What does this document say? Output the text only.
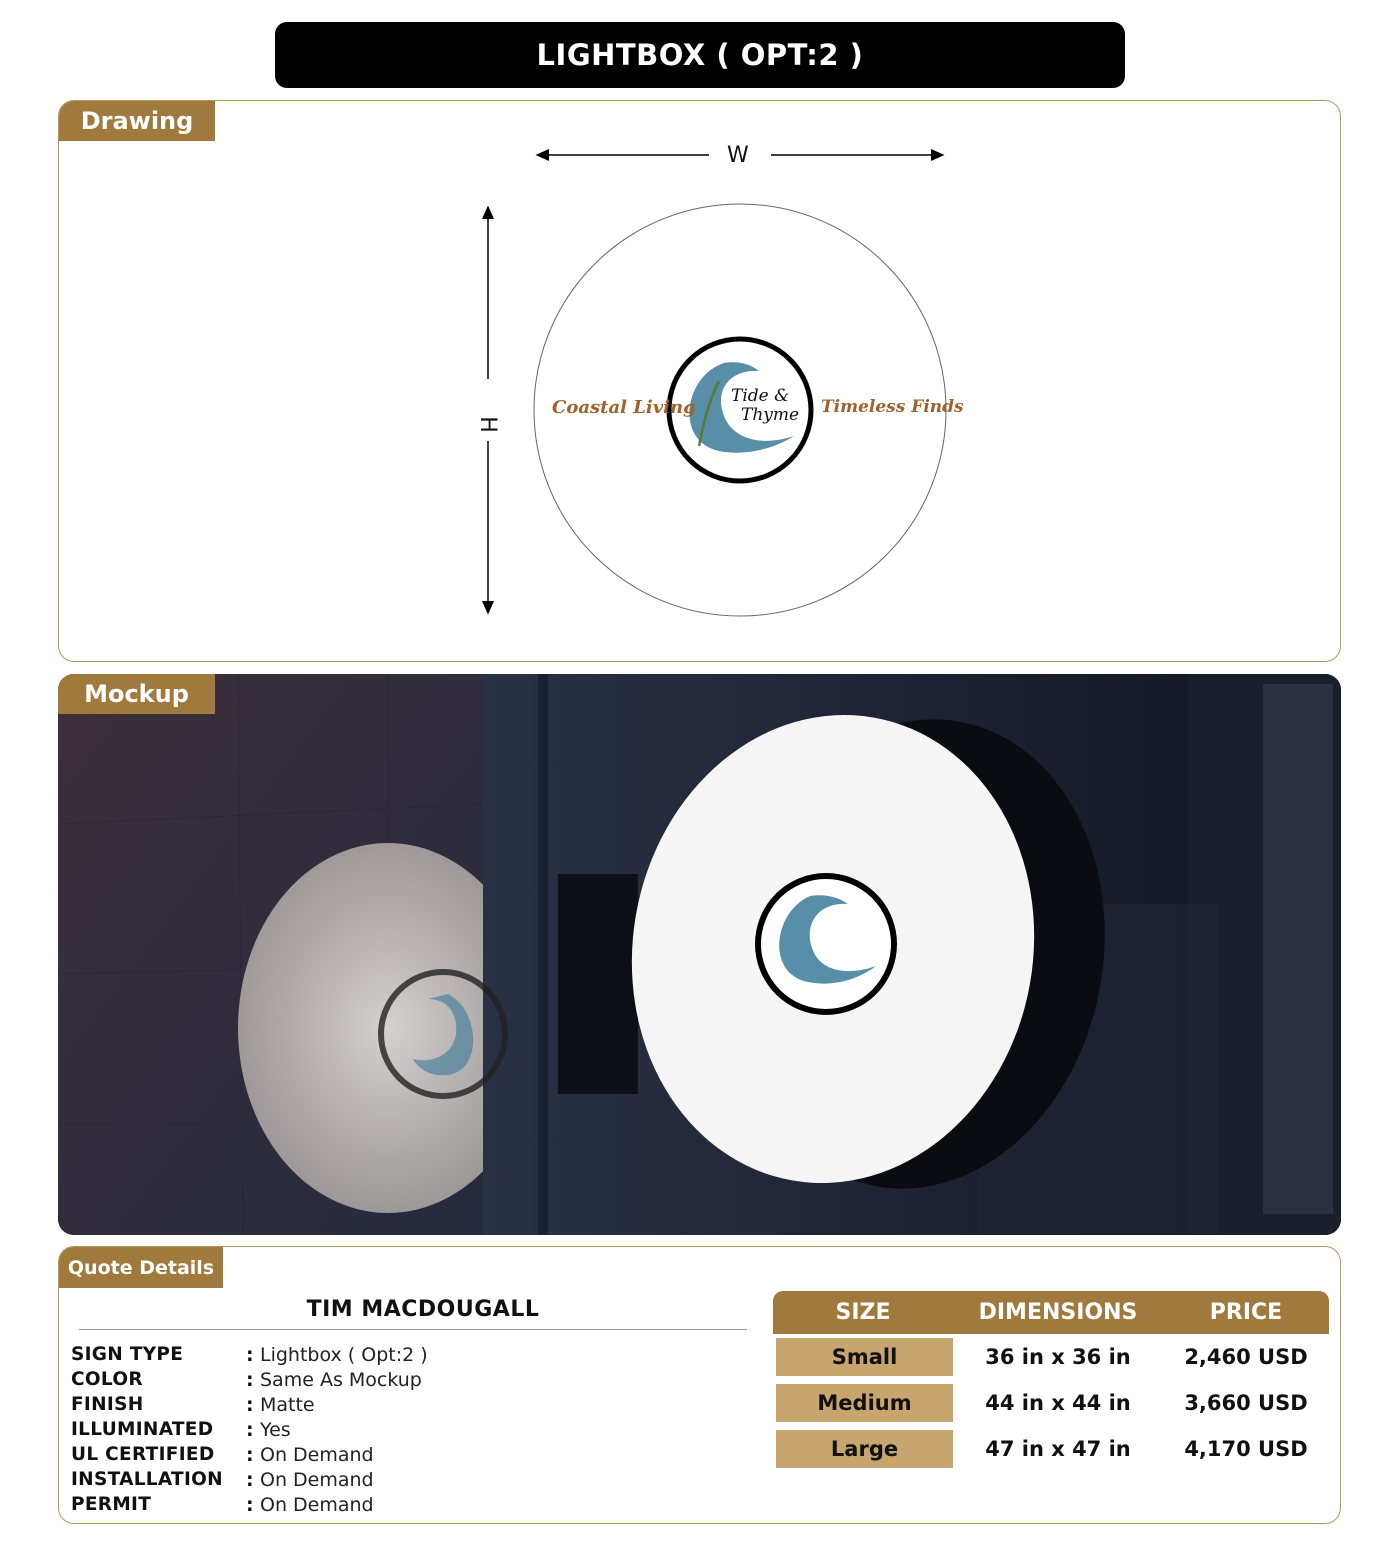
LIGHTBOX ( OPT:2 )
Drawing
W
H
Coastal Living
Tide &
Thyme Timeless Finds
Mockup
Quote Details
TIM MACDOUGALL
SIGN TYPE	: Lightbox ( Opt:2 )
COLOR	: Same As Mockup
FINISH	: Matte
ILLUMINATED	: Yes
UL CERTIFIED	: On Demand
INSTALLATION	: On Demand
PERMIT	: On Demand
SIZE	DIMENSIONS	PRICE
Small	36 in x 36 in	2,460 USD
Medium	44 in x 44 in	3,660 USD
Large	47 in x 47 in	4,170 USD
